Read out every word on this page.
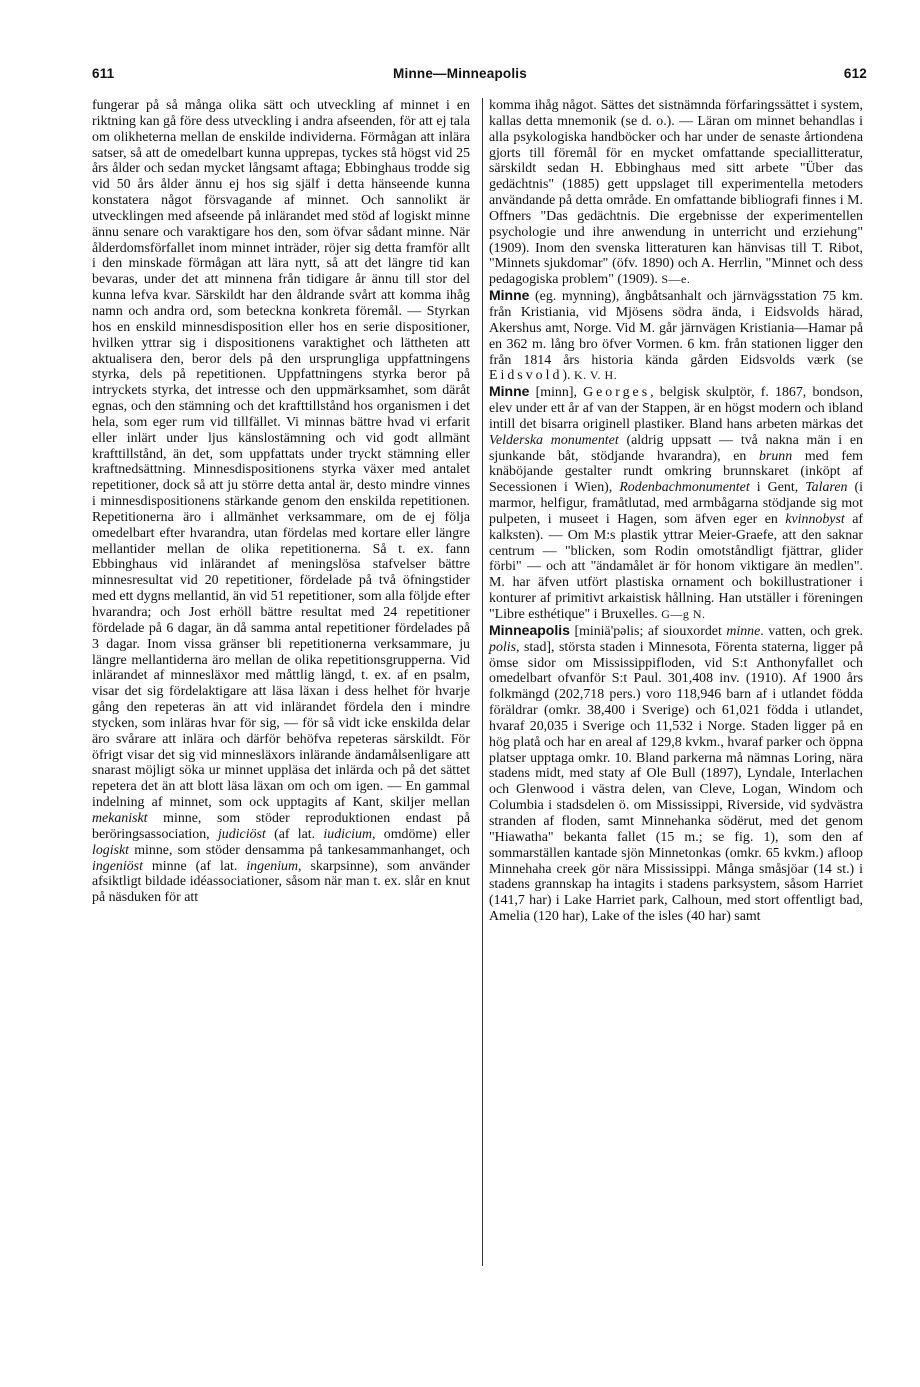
Minne—Minneapolis
611	612

fungerar på så många olika sätt och utveckling af minnet i en riktning kan gå före dess utveckling i andra afseenden, för att ej tala om olikheterna mellan de enskilde individerna. Förmågan att inlära satser, så att de omedelbart kunna upprepas, tyckes stå högst vid 25 års ålder och sedan mycket långsamt aftaga; Ebbinghaus trodde sig vid 50 års ålder ännu ej hos sig själf i detta hänseende kunna konstatera något försvagande af minnet. Och sannolikt är utvecklingen med afseende på inlärandet med stöd af logiskt minne ännu senare och varaktigare hos den, som öfvar sådant minne. När ålderdomsförfallet inom minnet inträder, röjer sig detta framför allt i den minskade förmågan att lära nytt, så att det längre tid kan bevaras, under det att minnena från tidigare år ännu till stor del kunna lefva kvar. Särskildt har den åldrande svårt att komma ihåg namn och andra ord, som beteckna konkreta föremål. — Styrkan hos en enskild minnesdisposition eller hos en serie dispositioner, hvilken yttrar sig i dispositionens varaktighet och lättheten att aktualisera den, beror dels på den ursprungliga uppfattningens styrka, dels på repetitionen. Uppfattningens styrka beror på intryckets styrka, det intresse och den uppmärksamhet, som däråt egnas, och den stämning och det krafttillstånd hos organismen i det hela, som eger rum vid tillfället. Vi minnas bättre hvad vi erfarit eller inlärt under ljus känslostämning och vid godt allmänt krafttillstånd, än det, som uppfattats under tryckt stämning eller kraftnedsättning. Minnesdispositionens styrka växer med antalet repetitioner, dock så att ju större detta antal är, desto mindre vinnes i minnesdispositionens stärkande genom den enskilda repetitionen. Repetitionerna äro i allmänhet verksammare, om de ej följa omedelbart efter hvarandra, utan fördelas med kortare eller längre mellantider mellan de olika repetitionerna. Så t. ex. fann Ebbinghaus vid inlärandet af meningslösa stafvelser bättre minnesresultat vid 20 repetitioner, fördelade på två öfningstider med ett dygns mellantid, än vid 51 repetitioner, som alla följde efter hvarandra; och Jost erhöll bättre resultat med 24 repetitioner fördelade på 6 dagar, än då samma antal repetitioner fördelades på 3 dagar. Inom vissa gränser bli repetitionerna verksammare, ju längre mellantiderna äro mellan de olika repetitionsgrupperna. Vid inlärandet af minnesläxor med måttlig längd, t. ex. af en psalm, visar det sig fördelaktigare att läsa läxan i dess helhet för hvarje gång den repeteras än att vid inlärandet fördela den i mindre stycken, som inläras hvar för sig, — för så vidt icke enskilda delar äro svårare att inlära och därför behöfva repeteras särskildt. För öfrigt visar det sig vid minnesläxors inlärande ändamålsenligare att snarast möjligt söka ur minnet uppläsa det inlärda och på det sättet repetera det än att blott läsa läxan om och om igen. — En gammal indelning af minnet, som ock upptagits af Kant, skiljer mellan mekaniskt minne, som stöder reproduktionen endast på beröringsassociation, judiciöst (af lat. iudicium, omdöme) eller logiskt minne, som stöder densamma på tankesammanhanget, och ingeniöst minne (af lat. ingenium, skarpsinne), som använder afsiktligt bildade idéassociationer, såsom när man t. ex. slår en knut på näsduken för att

komma ihåg något. Sättes det sistnämnda förfaringssättet i system, kallas detta mnemonik (se d. o.). — Läran om minnet behandlas i alla psykologiska handböcker och har under de senaste årtiondena gjorts till föremål för en mycket omfattande speciallitteratur, särskildt sedan H. Ebbinghaus med sitt arbete "Über das gedächtnis" (1885) gett uppslaget till experimentella metoders användande på detta område. En omfattande bibliografi finnes i M. Offners "Das gedächtnis. Die ergebnisse der experimentellen psychologie und ihre anwendung in unterricht und erziehung" (1909). Inom den svenska litteraturen kan hänvisas till T. Ribot, "Minnets sjukdomar" (öfv. 1890) och A. Herrlin, "Minnet och dess pedagogiska problem" (1909). S—e.

Minne (eg. mynning), ångbåtsanhalt och järnvägsstation 75 km. från Kristiania, vid Mjösens södra ända, i Eidsvolds härad, Akershus amt, Norge. Vid M. går järnvägen Kristiania—Hamar på en 362 m. lång bro öfver Vormen. 6 km. från stationen ligger den från 1814 års historia kända gården Eidsvolds værk (se Eidsvold). K. V. H.

Minne [minn], Georges, belgisk skulptör, f. 1867, bondson, elev under ett år af van der Stappen, är en högst modern och ibland intill det bisarra originell plastiker. Bland hans arbeten märkas det Velderska monumentet (aldrig uppsatt — två nakna män i en sjunkande båt, stödjande hvarandra), en brunn med fem knäböjande gestalter rundt omkring brunnskaret (inköpt af Secessionen i Wien), Rodenbachmonumentet i Gent, Talaren (i marmor, helfigur, framåtlutad, med armbågarna stödjande sig mot pulpeten, i museet i Hagen, som äfven eger en kvinnobyst af kalksten). — Om M:s plastik yttrar Meier-Graefe, att den saknar centrum — "blicken, som Rodin omotståndligt fjättrar, glider förbi" — och att "ändamålet är för honom viktigare än medlen". M. har äfven utfört plastiska ornament och bokillustrationer i konturer af primitivt arkaistisk hållning. Han utställer i föreningen "Libre esthétique" i Bruxelles. G—g N.

Minneapolis [miniä'pəlis; af siouxordet minne. vatten, och grek. polis, stad], största staden i Minnesota, Förenta staterna, ligger på ömse sidor om Mississippifloden, vid S:t Anthonyfallet och omedelbart ofvanför S:t Paul. 301,408 inv. (1910). Af 1900 års folkmängd (202,718 pers.) voro 118,946 barn af i utlandet födda föräldrar (omkr. 38,400 i Sverige) och 61,021 födda i utlandet, hvaraf 20,035 i Sverige och 11,532 i Norge. Staden ligger på en hög platå och har en areal af 129,8 kvkm., hvaraf parker och öppna platser upptaga omkr. 10. Bland parkerna må nämnas Loring, nära stadens midt, med staty af Ole Bull (1897), Lyndale, Interlachen och Glenwood i västra delen, van Cleve, Logan, Windom och Columbia i stadsdelen ö. om Mississippi, Riverside, vid sydvästra stranden af floden, samt Minnehanka södërut, med det genom "Hiawatha" bekanta fallet (15 m.; se fig. 1), som den af sommarställen kantade sjön Minnetonkas (omkr. 65 kvkm.) afloop Minnehaha creek gör nära Mississippi. Många småsjöar (14 st.) i stadens grannskap ha intagits i stadens parksystem, såsom Harriet (141,7 har) i Lake Harriet park, Calhoun, med stort offentligt bad, Amelia (120 har), Lake of the isles (40 har) samt
